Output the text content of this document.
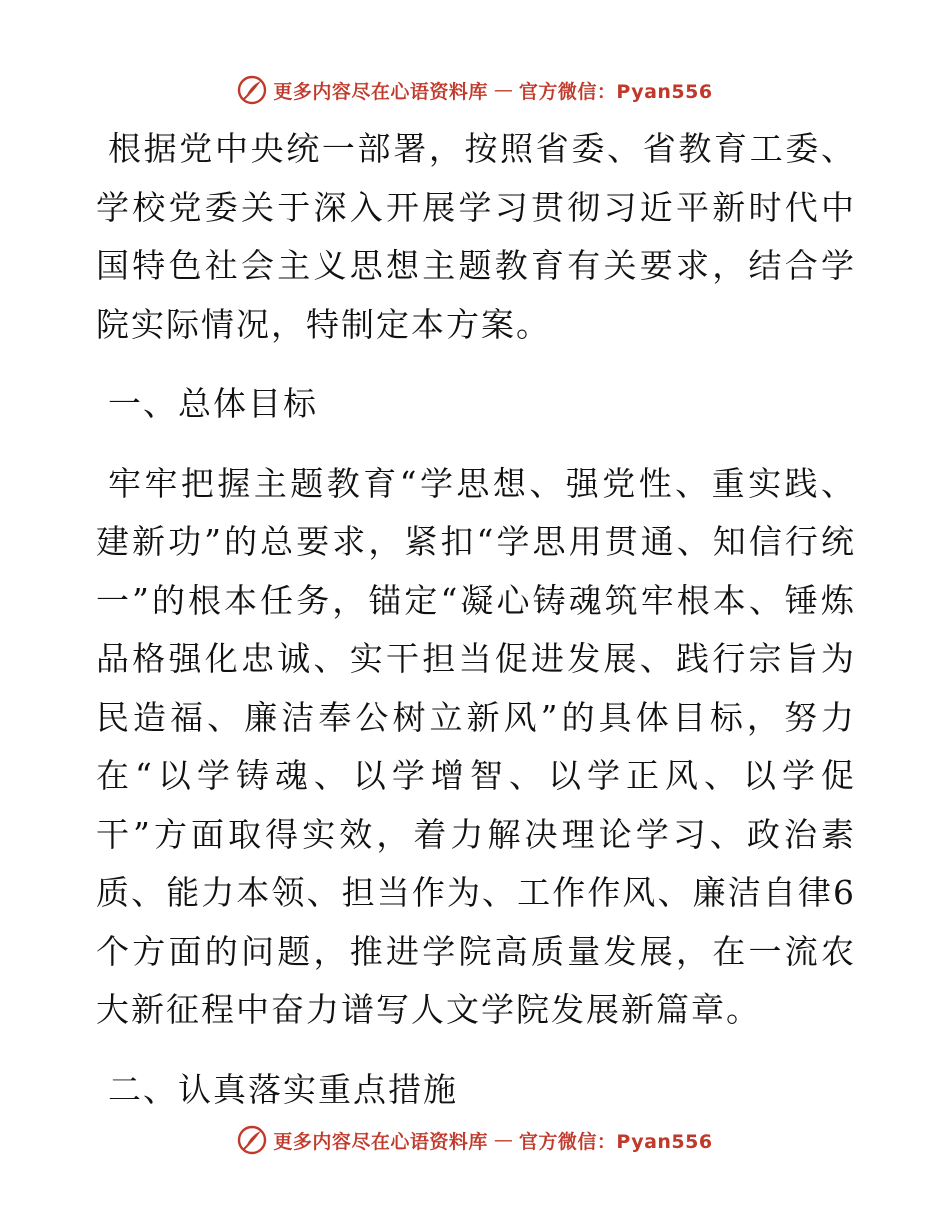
更多内容尽在心语资料库 — 官方微信：Pyan556

根据党中央统一部署，按照省委、省教育工委、学校党委关于深入开展学习贯彻习近平新时代中国特色社会主义思想主题教育有关要求，结合学院实际情况，特制定本方案。

一、总体目标

牢牢把握主题教育“学思想、强党性、重实践、建新功”的总要求，紧扣“学思用贯通、知信行统一”的根本任务，锚定“凝心铸魂筑牢根本、锤炼品格强化忠诚、实干担当促进发展、践行宗旨为民造福、廉洁奉公树立新风”的具体目标，努力在“以学铸魂、以学增智、以学正风、以学促干”方面取得实效，着力解决理论学习、政治素质、能力本领、担当作为、工作作风、廉洁自律6个方面的问题，推进学院高质量发展，在一流农大新征程中奋力谱写人文学院发展新篇章。

二、认真落实重点措施

更多内容尽在心语资料库 — 官方微信：Pyan556
